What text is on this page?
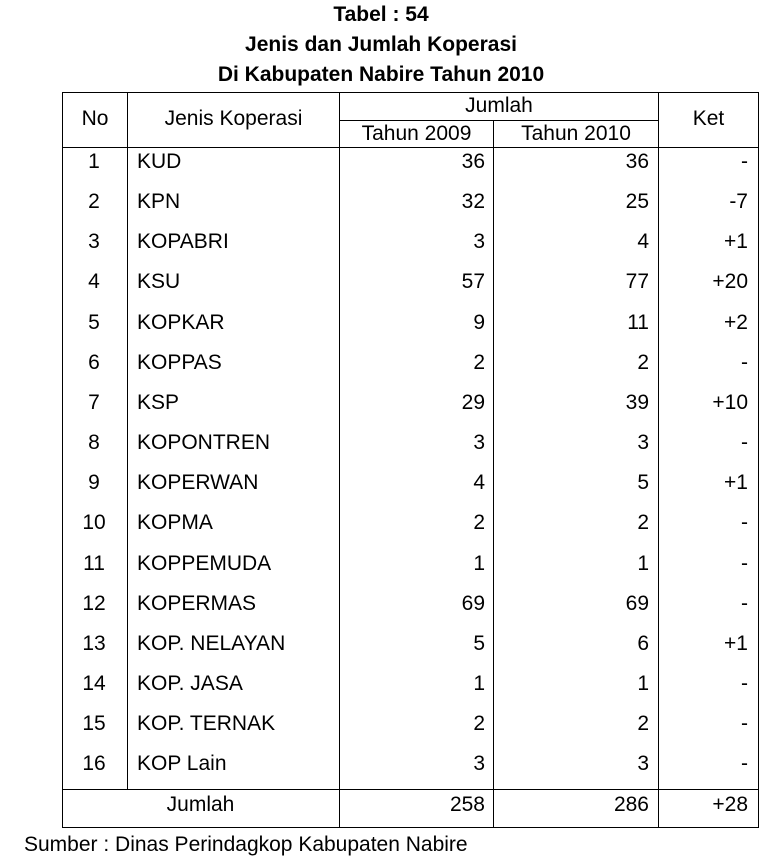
Tabel : 54
Jenis dan Jumlah Koperasi
Di Kabupaten Nabire Tahun 2010
No	Jenis Koperasi
Jumlah
Tahun 2009	Tahun 2010
Ket
1	KUD	36	36	-
2	KPN	32	25	-7
3	KOPABRI	3	4	+1
4	KSU	57	77	+20
5	KOPKAR	9	11	+2
6	KOPPAS	2	2	-
7	KSP	29	39	+10
8	KOPONTREN	3	3	-
9	KOPERWAN	4	5	+1
10	KOPMA	2	2	-
11	KOPPEMUDA	1	1	-
12	KOPERMAS	69	69	-
13	KOP. NELAYAN	5	6	+1
14	KOP. JASA	1	1	-
15	KOP. TERNAK	2	2	-
16	KOP Lain	3	3	-
Jumlah	258	286	+28
Sumber : Dinas Perindagkop Kabupaten Nabire
